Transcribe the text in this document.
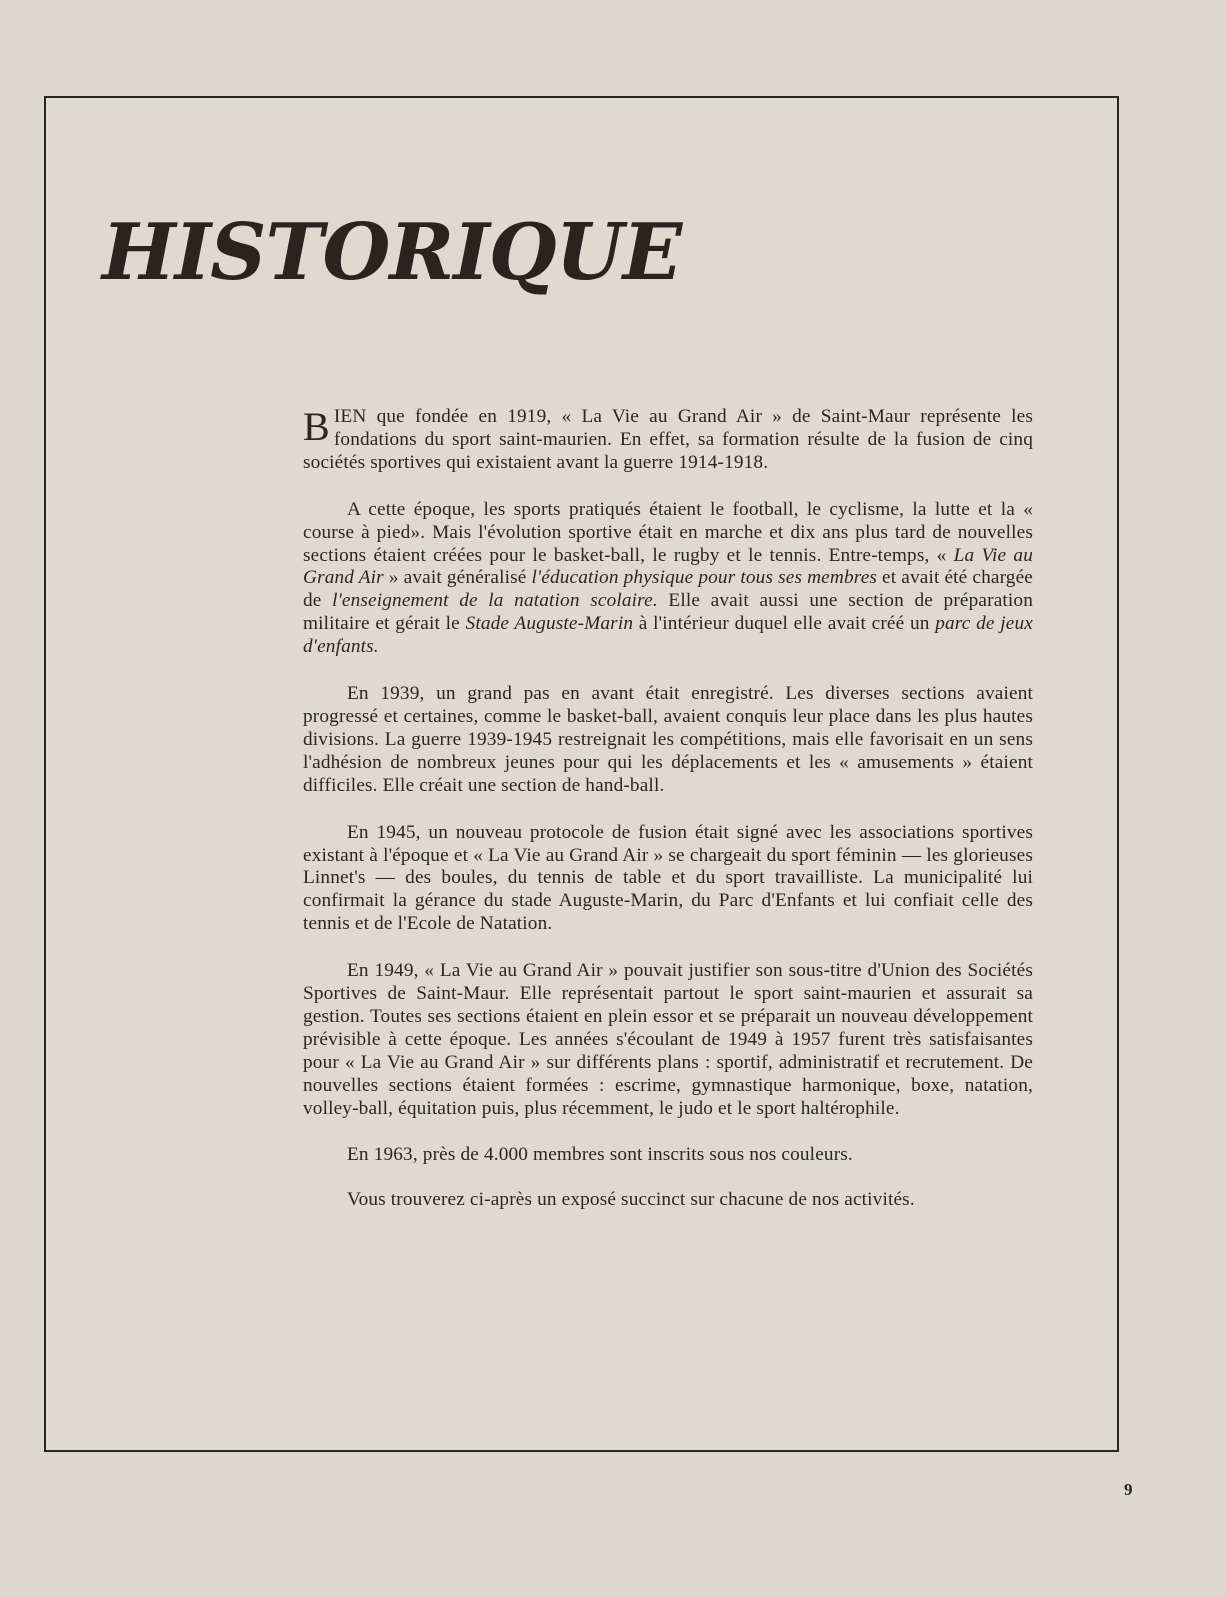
HISTORIQUE

BIEN que fondée en 1919, « La Vie au Grand Air » de Saint-Maur représente les fondations du sport saint-maurien. En effet, sa formation résulte de la fusion de cinq sociétés sportives qui existaient avant la guerre 1914-1918.

A cette époque, les sports pratiqués étaient le football, le cyclisme, la lutte et la « course à pied». Mais l'évolution sportive était en marche et dix ans plus tard de nouvelles sections étaient créées pour le basket-ball, le rugby et le tennis. Entre-temps, « La Vie au Grand Air » avait généralisé l'éducation physique pour tous ses membres et avait été chargée de l'enseignement de la natation scolaire. Elle avait aussi une section de préparation militaire et gérait le Stade Auguste-Marin à l'intérieur duquel elle avait créé un parc de jeux d'enfants.

En 1939, un grand pas en avant était enregistré. Les diverses sections avaient progressé et certaines, comme le basket-ball, avaient conquis leur place dans les plus hautes divisions. La guerre 1939-1945 restreignait les compétitions, mais elle favorisait en un sens l'adhésion de nombreux jeunes pour qui les déplacements et les « amusements » étaient difficiles. Elle créait une section de hand-ball.

En 1945, un nouveau protocole de fusion était signé avec les associations sportives existant à l'époque et « La Vie au Grand Air » se chargeait du sport féminin — les glorieuses Linnet's — des boules, du tennis de table et du sport travailliste. La municipalité lui confirmait la gérance du stade Auguste-Marin, du Parc d'Enfants et lui confiait celle des tennis et de l'Ecole de Natation.

En 1949, « La Vie au Grand Air » pouvait justifier son sous-titre d'Union des Sociétés Sportives de Saint-Maur. Elle représentait partout le sport saint-maurien et assurait sa gestion. Toutes ses sections étaient en plein essor et se préparait un nouveau développement prévisible à cette époque. Les années s'écoulant de 1949 à 1957 furent très satisfaisantes pour « La Vie au Grand Air » sur différents plans : sportif, administratif et recrutement. De nouvelles sections étaient formées : escrime, gymnastique harmonique, boxe, natation, volley-ball, équitation puis, plus récemment, le judo et le sport haltérophile.

En 1963, près de 4.000 membres sont inscrits sous nos couleurs.

Vous trouverez ci-après un exposé succinct sur chacune de nos activités.

9
